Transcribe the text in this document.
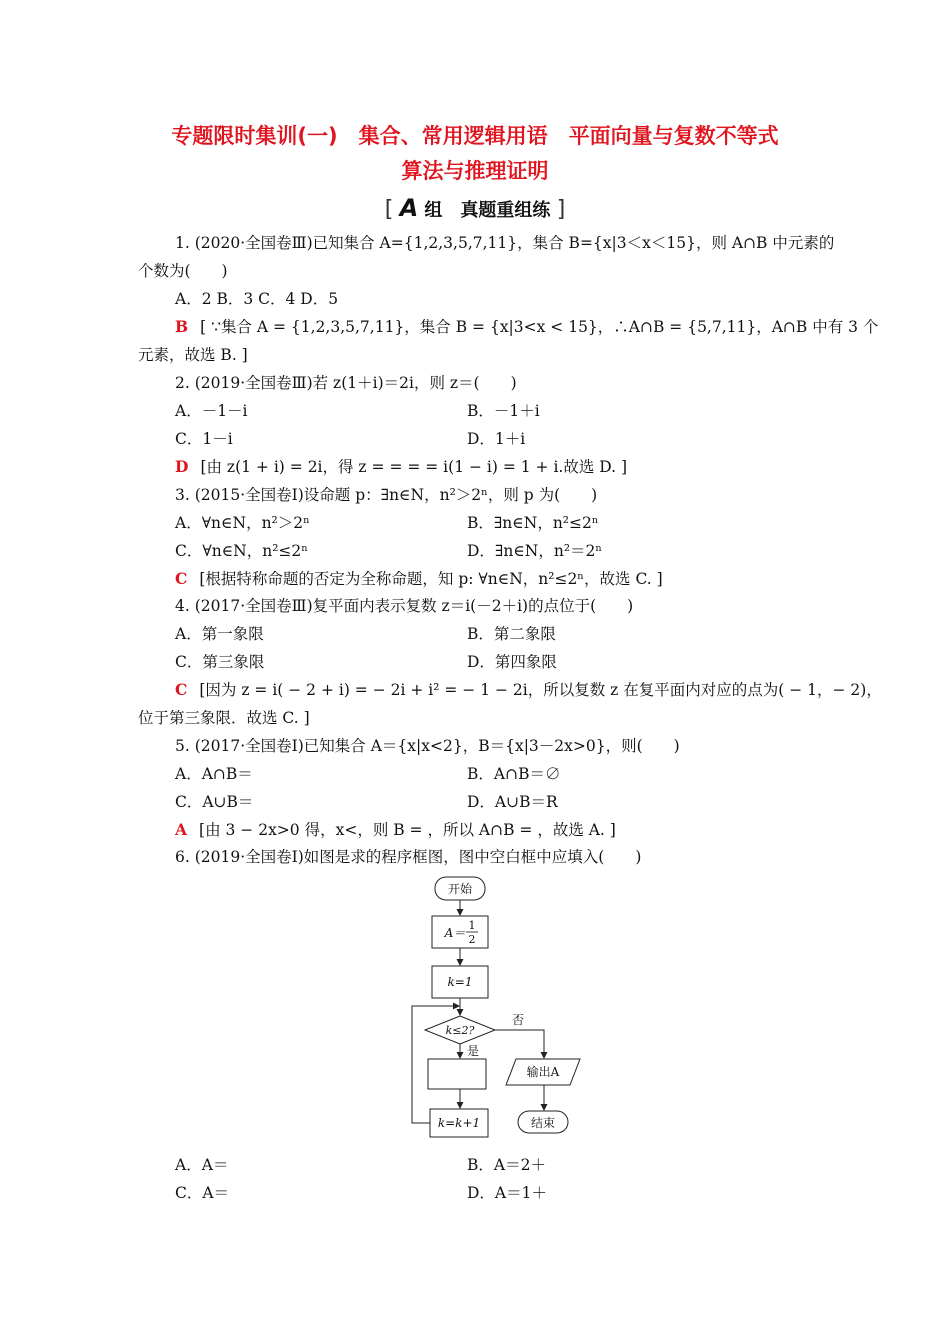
专题限时集训(一)　集合、常用逻辑用语　平面向量与复数不等式
算法与推理证明
[ A 组　真题重组练 ]
1. (2020·全国卷Ⅲ)已知集合 A={1,2,3,5,7,11}，集合 B={x|3＜x＜15}，则 A∩B 中元素的
个数为(　　)
A．2 B．3 C．4 D．5
B [ ∵集合 A = {1,2,3,5,7,11}，集合 B = {x|3<x < 15}，∴A∩B = {5,7,11}，A∩B 中有 3 个
元素，故选 B. ]
2. (2019·全国卷Ⅲ)若 z(1＋i)＝2i，则 z＝(　　)
A．－1－i	B．－1＋i
C．1－i	D．1＋i
D [由 z(1 + i) = 2i，得 z = = = = i(1 − i) = 1 + i.故选 D. ]
3. (2015·全国卷Ⅰ)设命题 p：∃n∈N，n²＞2ⁿ，则 p 为(　　)
A．∀n∈N，n²＞2ⁿ	B．∃n∈N，n²≤2ⁿ
C．∀n∈N，n²≤2ⁿ	D．∃n∈N，n²＝2ⁿ
C [根据特称命题的否定为全称命题，知 p: ∀n∈N，n²≤2ⁿ，故选 C. ]
4. (2017·全国卷Ⅲ)复平面内表示复数 z＝i(－2＋i)的点位于(　　)
A．第一象限	B．第二象限
C．第三象限	D．第四象限
C [因为 z = i( − 2 + i) = − 2i + i² = − 1 − 2i，所以复数 z 在复平面内对应的点为( − 1，− 2)，
位于第三象限．故选 C. ]
5. (2017·全国卷Ⅰ)已知集合 A＝{x|x<2}，B＝{x|3－2x>0}，则(　　)
A．A∩B＝	B．A∩B＝∅
C．A∪B＝	D．A∪B＝R
A [由 3 − 2x>0 得，x<，则 B = ，所以 A∩B = ，故选 A. ]
6. (2019·全国卷Ⅰ)如图是求的程序框图，图中空白框中应填入(　　)
开始
A＝
1
2
k=1
k≤2?
否
是
输出A
k=k+1	结束
A．A＝	B．A＝2＋
C．A＝	D．A＝1＋
